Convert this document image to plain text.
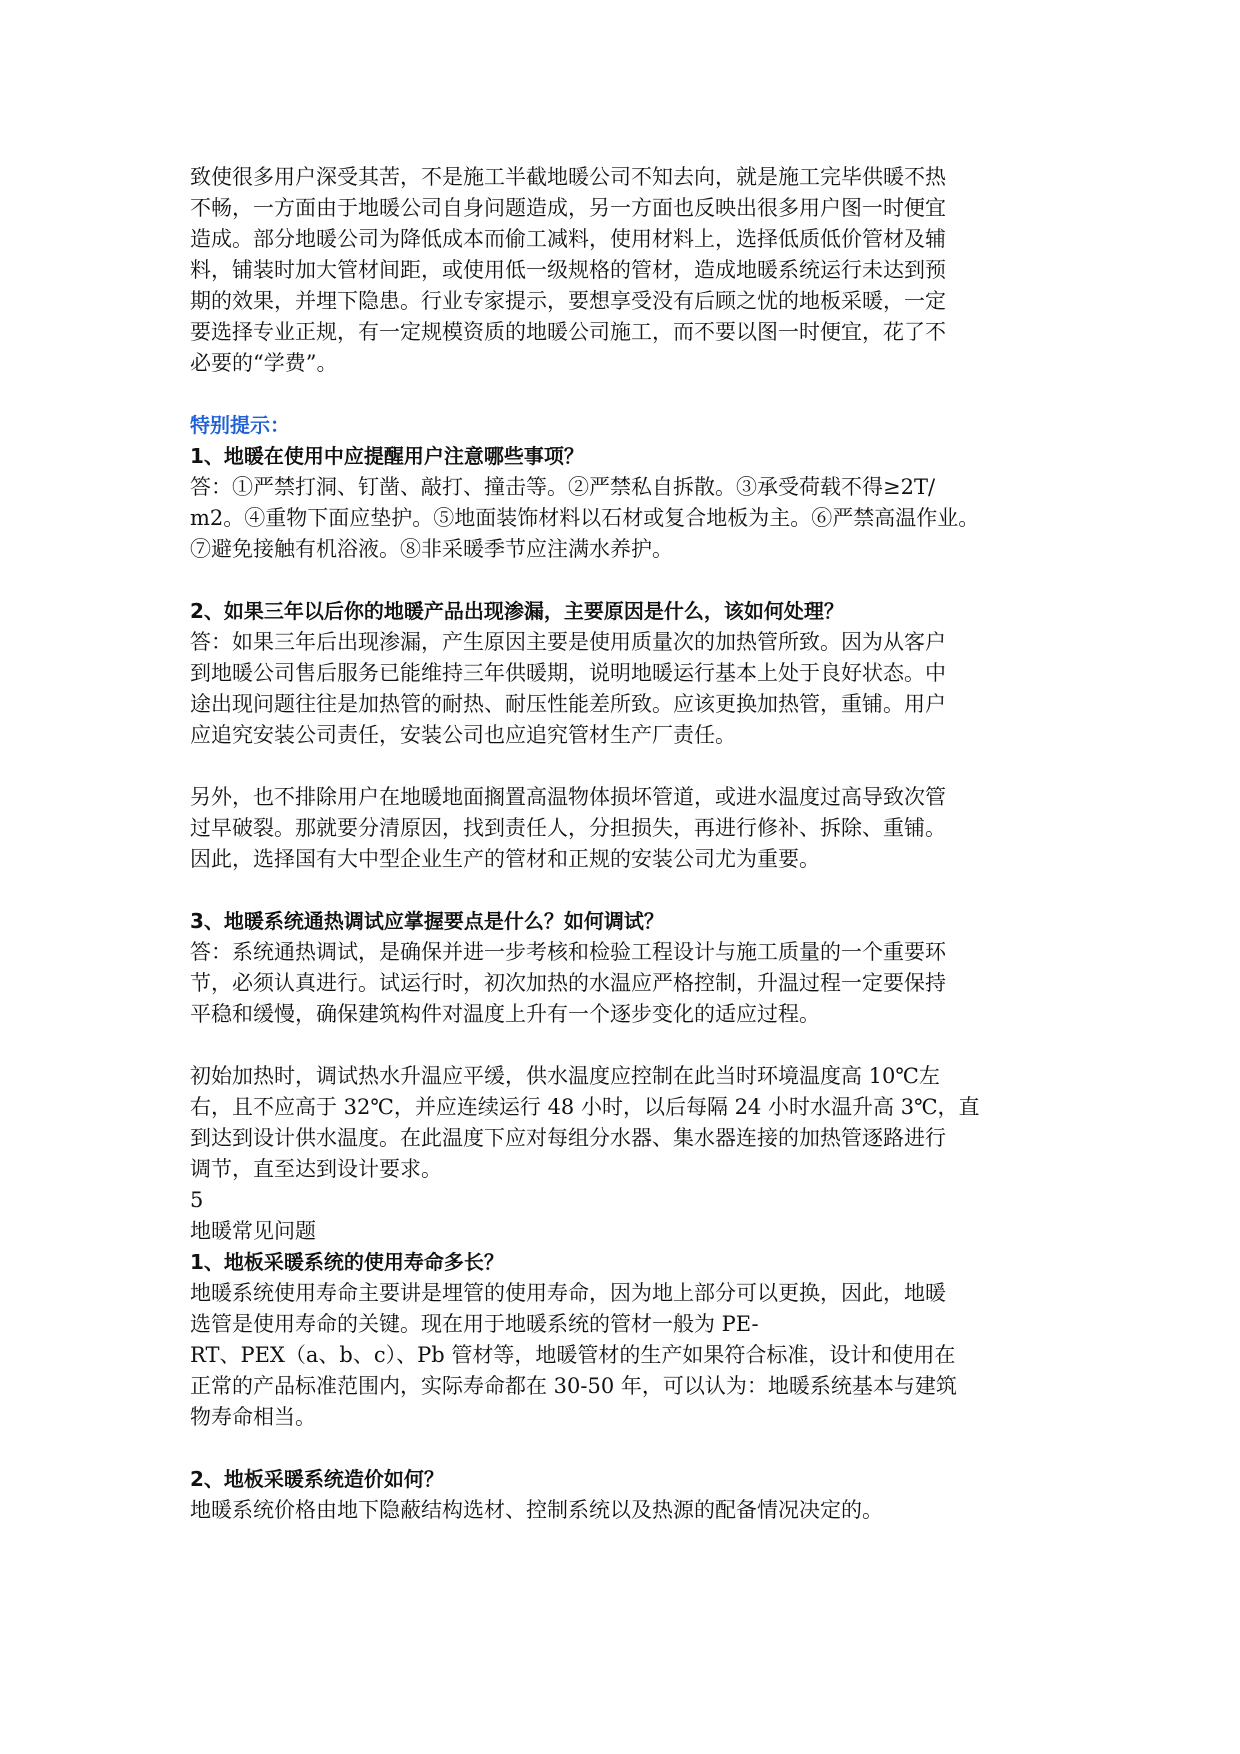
致使很多用户深受其苦，不是施工半截地暖公司不知去向，就是施工完毕供暖不热
不畅，一方面由于地暖公司自身问题造成，另一方面也反映出很多用户图一时便宜
造成。部分地暖公司为降低成本而偷工减料，使用材料上，选择低质低价管材及辅
料，铺装时加大管材间距，或使用低一级规格的管材，造成地暖系统运行未达到预
期的效果，并埋下隐患。行业专家提示，要想享受没有后顾之忧的地板采暖，一定
要选择专业正规，有一定规模资质的地暖公司施工，而不要以图一时便宜，花了不
必要的“学费”。
特别提示：
1、地暖在使用中应提醒用户注意哪些事项？
答：①严禁打洞、钉凿、敲打、撞击等。②严禁私自拆散。③承受荷载不得≥2T/
m2。④重物下面应垫护。⑤地面装饰材料以石材或复合地板为主。⑥严禁高温作业。
⑦避免接触有机浴液。⑧非采暖季节应注满水养护。
2、如果三年以后你的地暖产品出现渗漏，主要原因是什么，该如何处理？
答：如果三年后出现渗漏，产生原因主要是使用质量次的加热管所致。因为从客户
到地暖公司售后服务已能维持三年供暖期，说明地暖运行基本上处于良好状态。中
途出现问题往往是加热管的耐热、耐压性能差所致。应该更换加热管，重铺。用户
应追究安装公司责任，安装公司也应追究管材生产厂责任。
另外，也不排除用户在地暖地面搁置高温物体损坏管道，或进水温度过高导致次管
过早破裂。那就要分清原因，找到责任人，分担损失，再进行修补、拆除、重铺。
因此，选择国有大中型企业生产的管材和正规的安装公司尤为重要。
3、地暖系统通热调试应掌握要点是什么？如何调试？
答：系统通热调试，是确保并进一步考核和检验工程设计与施工质量的一个重要环
节，必须认真进行。试运行时，初次加热的水温应严格控制，升温过程一定要保持
平稳和缓慢，确保建筑构件对温度上升有一个逐步变化的适应过程。
初始加热时，调试热水升温应平缓，供水温度应控制在此当时环境温度高 10℃左
右，且不应高于 32℃，并应连续运行 48 小时，以后每隔 24 小时水温升高 3℃，直
到达到设计供水温度。在此温度下应对每组分水器、集水器连接的加热管逐路进行
调节，直至达到设计要求。
5
地暖常见问题
1、地板采暖系统的使用寿命多长？
地暖系统使用寿命主要讲是埋管的使用寿命，因为地上部分可以更换，因此，地暖
选管是使用寿命的关键。现在用于地暖系统的管材一般为 PE-
RT、PEX（a、b、c）、Pb 管材等，地暖管材的生产如果符合标准，设计和使用在
正常的产品标准范围内，实际寿命都在 30-50 年，可以认为：地暖系统基本与建筑
物寿命相当。
2、地板采暖系统造价如何？
地暖系统价格由地下隐蔽结构选材、控制系统以及热源的配备情况决定的。
